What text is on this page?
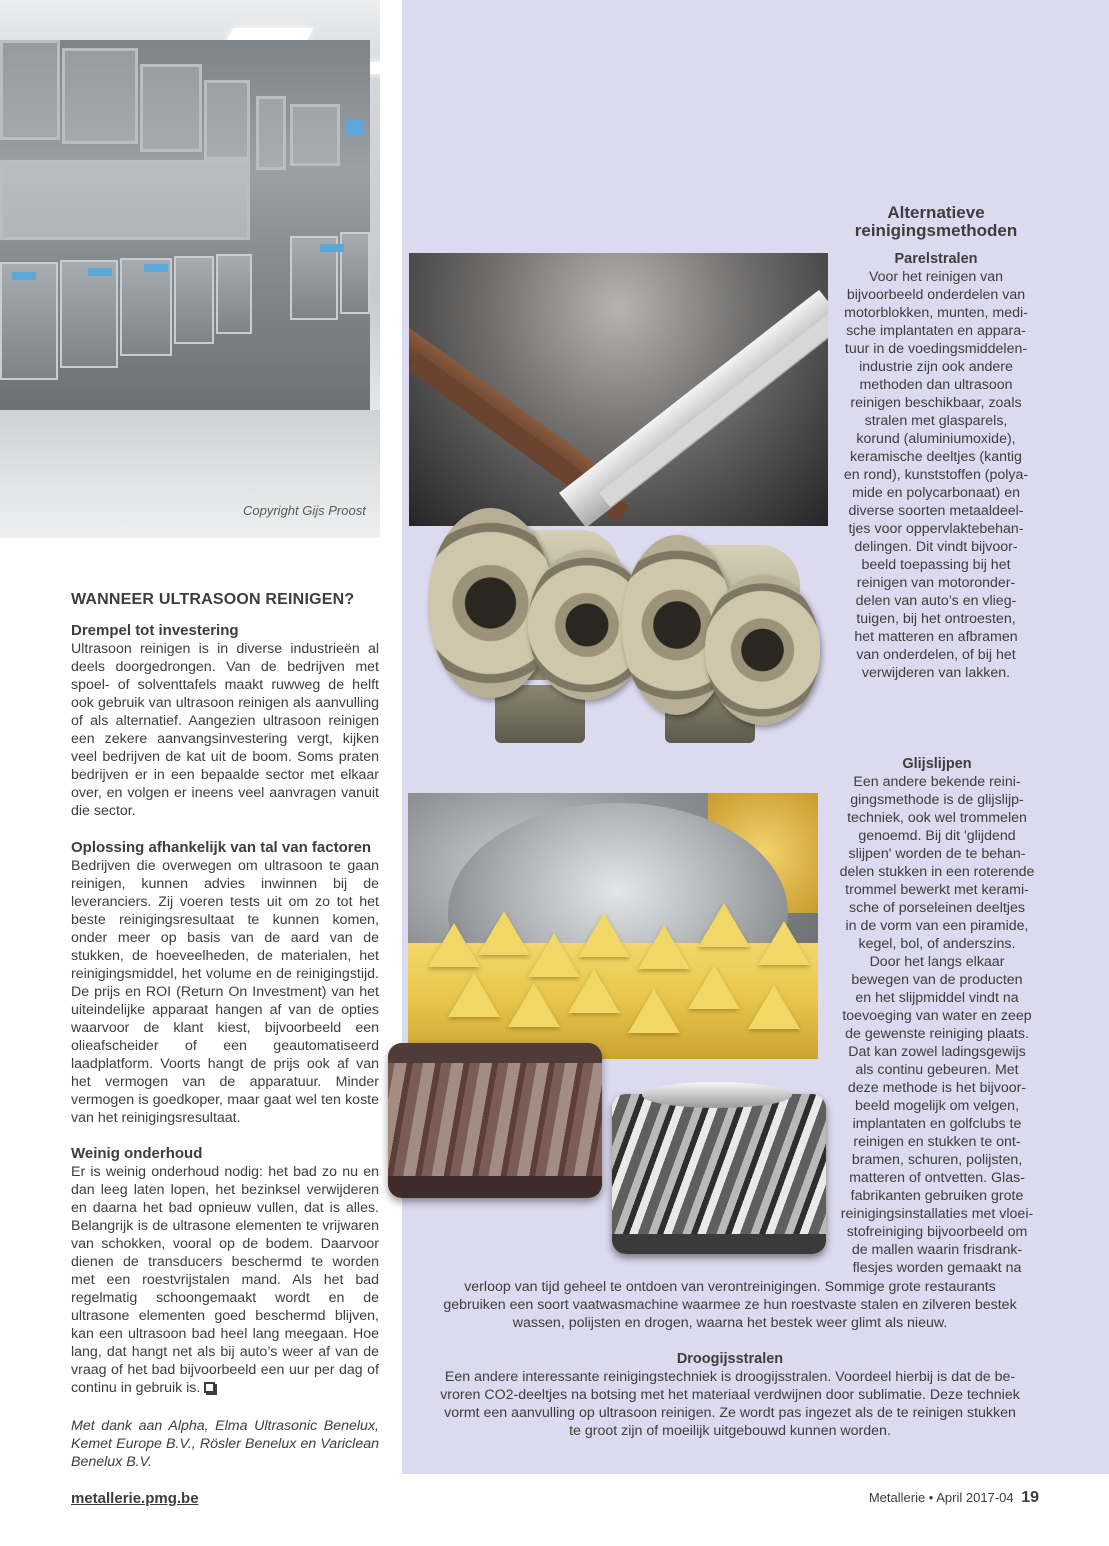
Copyright Gijs Proost
WANNEER ULTRASOON REINIGEN?
Drempel tot investering

Ultrasoon reinigen is in diverse industrieën al deels doorgedrongen. Van de bedrijven met spoel- of solventtafels maakt ruwweg de helft ook gebruik van ultrasoon reinigen als aanvulling of als alternatief. Aangezien ultrasoon reinigen een zekere aanvangsinvestering vergt, kijken veel bedrijven de kat uit de boom. Soms praten bedrijven er in een bepaalde sector met elkaar over, en volgen er ineens veel aanvragen vanuit die sector.

Oplossing afhankelijk van tal van factoren

Bedrijven die overwegen om ultrasoon te gaan reinigen, kunnen advies inwinnen bij de leveranciers. Zij voeren tests uit om zo tot het beste reinigingsresultaat te kunnen komen, onder meer op basis van de aard van de stukken, de hoeveelheden, de materialen, het reinigingsmiddel, het volume en de reinigingstijd. De prijs en ROI (Return On Investment) van het uiteindelijke apparaat hangen af van de opties waarvoor de klant kiest, bijvoorbeeld een olieafscheider of een geautomatiseerd laadplatform. Voorts hangt de prijs ook af van het vermogen van de apparatuur. Minder vermogen is goedkoper, maar gaat wel ten koste van het reinigingsresultaat.

Weinig onderhoud

Er is weinig onderhoud nodig: het bad zo nu en dan leeg laten lopen, het bezinksel verwijderen en daarna het bad opnieuw vullen, dat is alles. Belangrijk is de ultrasone elementen te vrijwaren van schokken, vooral op de bodem. Daarvoor dienen de transducers beschermd te worden met een roestvrijstalen mand. Als het bad regelmatig schoongemaakt wordt en de ultrasone elementen goed beschermd blijven, kan een ultrasoon bad heel lang meegaan. Hoe lang, dat hangt net als bij auto’s weer af van de vraag of het bad bijvoorbeeld een uur per dag of continu in gebruik is.

Met dank aan Alpha, Elma Ultrasonic Benelux, Kemet Europe B.V., Rösler Benelux en Variclean Benelux B.V.
Alternatieve
reinigingsmethoden
Parelstralen
Voor het reinigen van
bijvoorbeeld onderdelen van
motorblokken, munten, medi-
sche implantaten en appara-
tuur in de voedingsmiddelen-
industrie zijn ook andere
methoden dan ultrasoon
reinigen beschikbaar, zoals
stralen met glasparels,
korund (aluminiumoxide),
keramische deeltjes (kantig
en rond), kunststoffen (polya-
mide en polycarbonaat) en
diverse soorten metaaldeel-
tjes voor oppervlaktebehan-
delingen. Dit vindt bijvoor-
beeld toepassing bij het
reinigen van motoronder-
delen van auto’s en vlieg-
tuigen, bij het ontroesten,
het matteren en afbramen
van onderdelen, of bij het
verwijderen van lakken.
Glijslijpen
Een andere bekende reini-
gingsmethode is de glijslijp-
techniek, ook wel trommelen
genoemd. Bij dit 'glijdend
slijpen' worden de te behan-
delen stukken in een roterende
trommel bewerkt met kerami-
sche of porseleinen deeltjes
in de vorm van een piramide,
kegel, bol, of anderszins.
Door het langs elkaar
bewegen van de producten
en het slijpmiddel vindt na
toevoeging van water en zeep
de gewenste reiniging plaats.
Dat kan zowel ladingsgewijs
als continu gebeuren. Met
deze methode is het bijvoor-
beeld mogelijk om velgen,
implantaten en golfclubs te
reinigen en stukken te ont-
bramen, schuren, polijsten,
matteren of ontvetten. Glas-
fabrikanten gebruiken grote
reinigingsinstallaties met vloei-
stofreiniging bijvoorbeeld om
de mallen waarin frisdrank-
flesjes worden gemaakt na
verloop van tijd geheel te ontdoen van verontreinigingen. Sommige grote restaurants
gebruiken een soort vaatwasmachine waarmee ze hun roestvaste stalen en zilveren bestek
wassen, polijsten en drogen, waarna het bestek weer glimt als nieuw.
Droogijsstralen
Een andere interessante reinigingstechniek is droogijsstralen. Voordeel hierbij is dat de be-
vroren CO2-deeltjes na botsing met het materiaal verdwijnen door sublimatie. Deze techniek
vormt een aanvulling op ultrasoon reinigen. Ze wordt pas ingezet als de te reinigen stukken
te groot zijn of moeilijk uitgebouwd kunnen worden.
metallerie.pmg.be	Metallerie • April 2017-04 19
